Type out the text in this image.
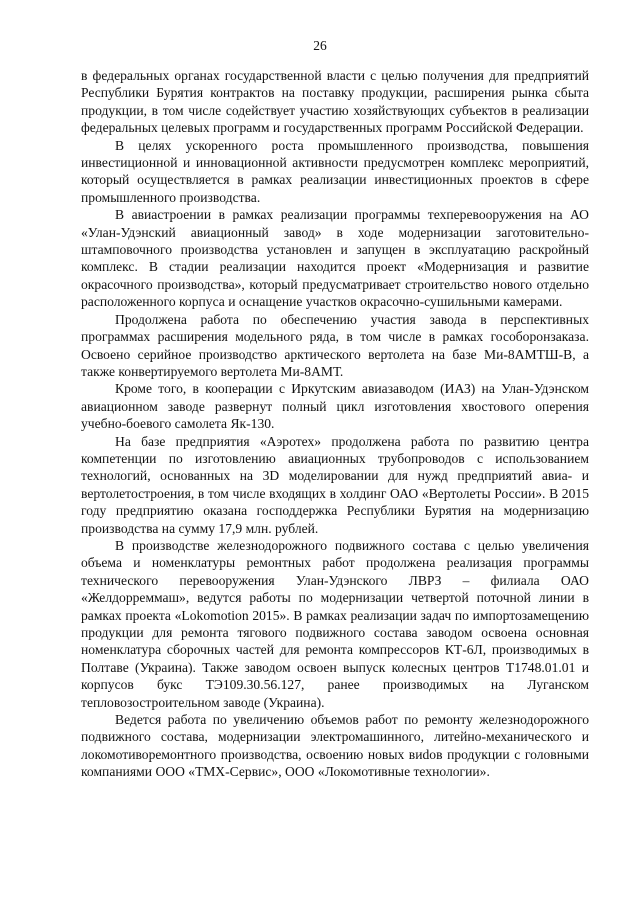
26

в федеральных органах государственной власти с целью получения для предприятий Республики Бурятия контрактов на поставку продукции, расширения рынка сбыта продукции, в том числе содействует участию хозяйствующих субъектов в реализации федеральных целевых программ и государственных программ Российской Федерации.

В целях ускоренного роста промышленного производства, повышения инвестиционной и инновационной активности предусмотрен комплекс мероприятий, который осуществляется в рамках реализации инвестиционных проектов в сфере промышленного производства.

В авиастроении в рамках реализации программы техперевооружения на АО «Улан-Удэнский авиационный завод» в ходе модернизации заготовительно-штамповочного производства установлен и запущен в эксплуатацию раскройный комплекс. В стадии реализации находится проект «Модернизация и развитие окрасочного производства», который предусматривает строительство нового отдельно расположенного корпуса и оснащение участков окрасочно-сушильными камерами.

Продолжена работа по обеспечению участия завода в перспективных программах расширения модельного ряда, в том числе в рамках гособоронзаказа. Освоено серийное производство арктического вертолета на базе Ми-8АМТШ-В, а также конвертируемого вертолета Ми-8АМТ.

Кроме того, в кооперации с Иркутским авиазаводом (ИАЗ) на Улан-Удэнском авиационном заводе развернут полный цикл изготовления хвостового оперения учебно-боевого самолета Як-130.

На базе предприятия «Аэротех» продолжена работа по развитию центра компетенции по изготовлению авиационных трубопроводов с использованием технологий, основанных на 3D моделировании для нужд предприятий авиа- и вертолетостроения, в том числе входящих в холдинг ОАО «Вертолеты России». В 2015 году предприятию оказана господдержка Республики Бурятия на модернизацию производства на сумму 17,9 млн. рублей.

В производстве железнодорожного подвижного состава с целью увеличения объема и номенклатуры ремонтных работ продолжена реализация программы технического перевооружения Улан-Удэнского ЛВРЗ – филиала ОАО «Желдорреммаш», ведутся работы по модернизации четвертой поточной линии в рамках проекта «Lokomotion 2015». В рамках реализации задач по импортозамещению продукции для ремонта тягового подвижного состава заводом освоена основная номенклатура сборочных частей для ремонта компрессоров КТ-6Л, производимых в Полтаве (Украина). Также заводом освоен выпуск колесных центров Т1748.01.01 и корпусов букс ТЭ109.30.56.127, ранее производимых на Луганском тепловозостроительном заводе (Украина).

Ведется работа по увеличению объемов работ по ремонту железнодорожного подвижного состава, модернизации электромашинного, литейно-механического и локомотиворемонтного производства, освоению новых виdов продукции с головными компаниями ООО «ТМХ-Сервис», ООО «Локомотивные технологии».
